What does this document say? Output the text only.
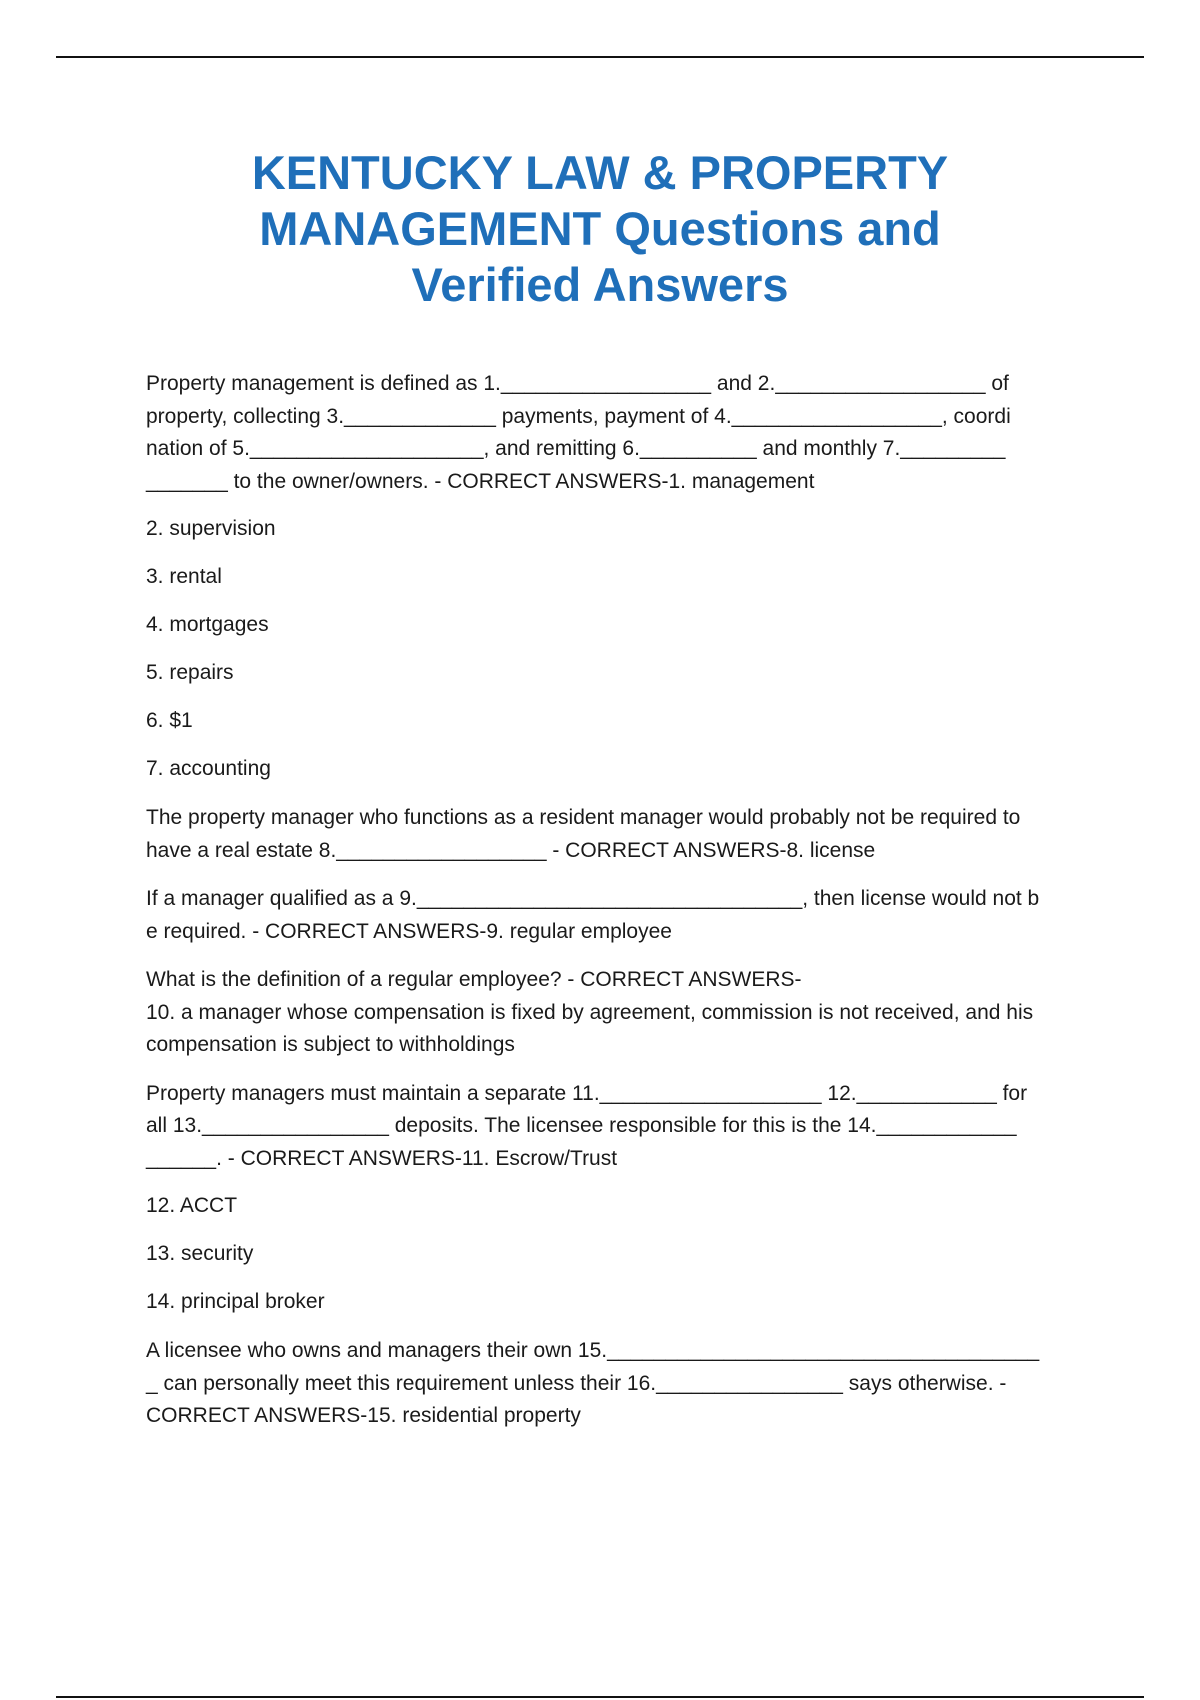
KENTUCKY LAW & PROPERTY
MANAGEMENT Questions and
Verified Answers

Property management is defined as 1.__________________ and 2.__________________ of
property, collecting 3._____________ payments, payment of 4.__________________, coordi
nation of 5.____________________, and remitting 6.__________ and monthly 7._________
_______ to the owner/owners. - CORRECT ANSWERS-1. management

2. supervision

3. rental

4. mortgages

5. repairs

6. $1

7. accounting

The property manager who functions as a resident manager would probably not be required to
have a real estate 8.__________________ - CORRECT ANSWERS-8. license

If a manager qualified as a 9._________________________________, then license would not b
e required. - CORRECT ANSWERS-9. regular employee

What is the definition of a regular employee? - CORRECT ANSWERS-
10. a manager whose compensation is fixed by agreement, commission is not received, and his
compensation is subject to withholdings

Property managers must maintain a separate 11.___________________ 12.____________ for
all 13.________________ deposits. The licensee responsible for this is the 14.____________
______. - CORRECT ANSWERS-11. Escrow/Trust

12. ACCT

13. security

14. principal broker

A licensee who owns and managers their own 15._____________________________________
_ can personally meet this requirement unless their 16.________________ says otherwise. -
CORRECT ANSWERS-15. residential property
